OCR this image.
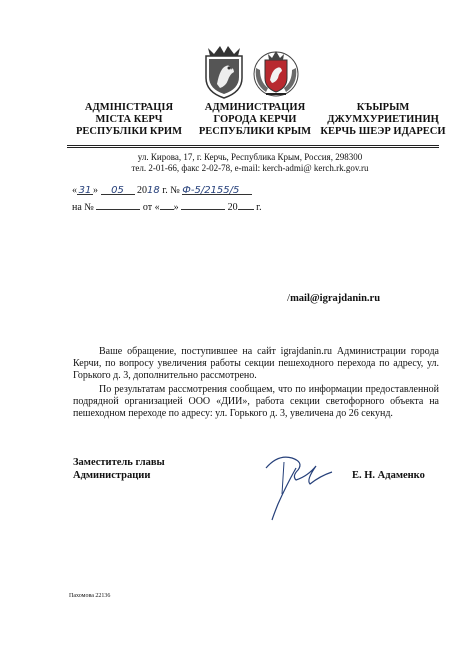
АДМІНІСТРАЦІЯ
МІСТА КЕРЧ
РЕСПУБЛІКИ КРИМ
АДМИНИСТРАЦИЯ
ГОРОДА КЕРЧИ
РЕСПУБЛИКИ КРЫМ
КЪЫРЫМ
ДЖУМХУРИЕТИНИҢ
КЕРЧЬ ШЕЭР ИДАРЕСИ
ул. Кирова, 17, г. Керчь, Республика Крым, Россия, 298300
тел. 2-01-66, факс 2-02-78, e-mail: kerch-admi@ kerch.rk.gov.ru
« 31 » 05 2018 г. № Ф-5/2155/5
на №	от « »	20 г.
/mail@igrajdanin.ru

Ваше обращение, поступившее на сайт igrajdanin.ru Администрации города Керчи, по вопросу увеличения работы секции пешеходного перехода по адресу, ул. Горького д. 3, дополнительно рассмотрено.

По результатам рассмотрения сообщаем, что по информации предоставленной подрядной организацией ООО «ДИИ», работа секции светофорного объекта на пешеходном переходе по адресу: ул. Горького д. 3, увеличена до 26 секунд.

Заместитель главы
Администрации	Е. Н. Адаменко
Пахомова 22136
